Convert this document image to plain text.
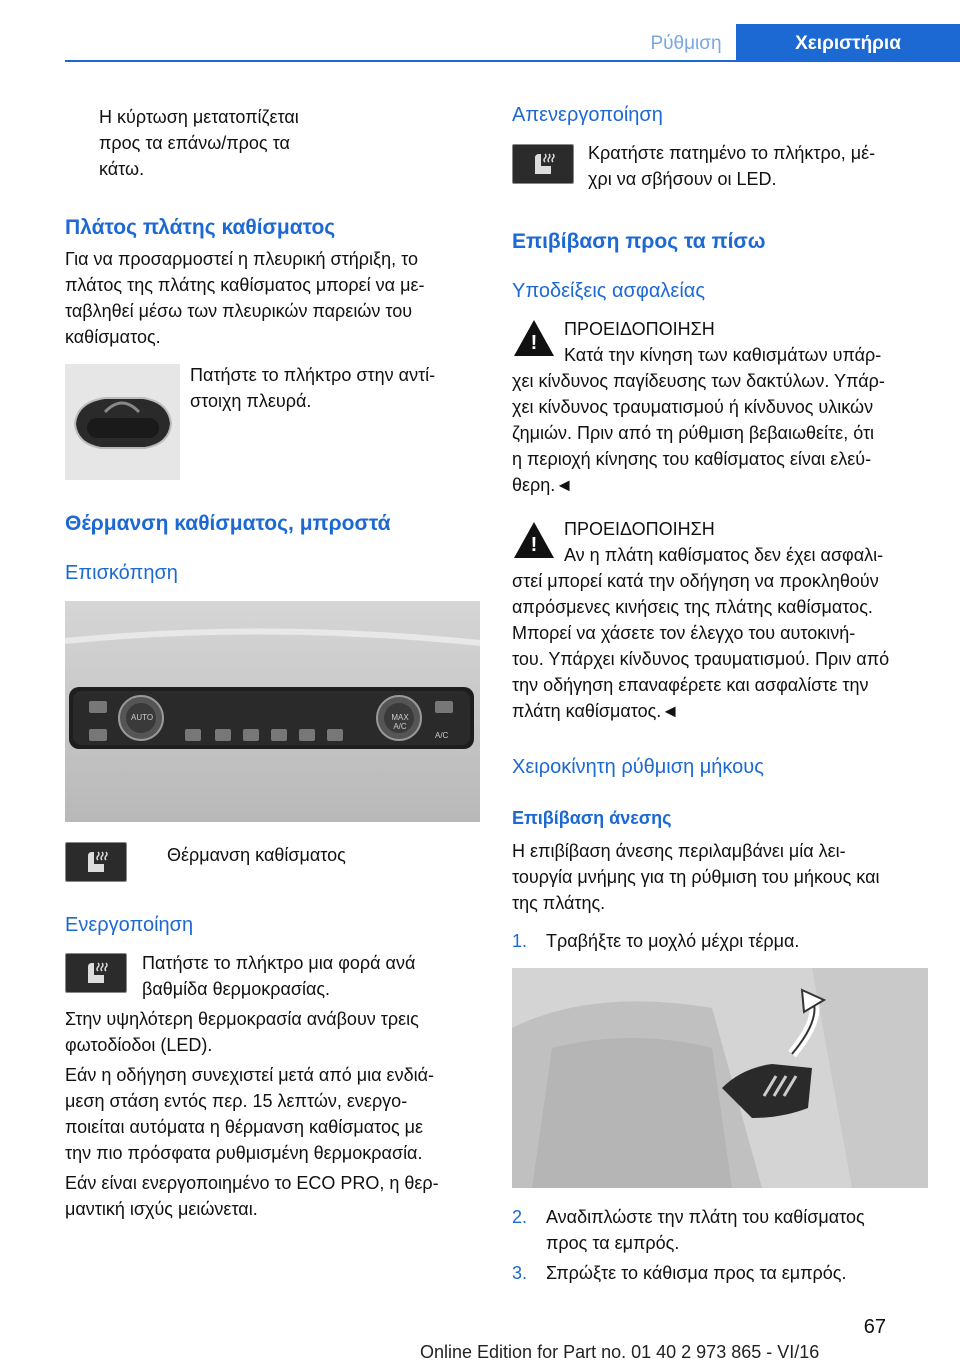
Ρύθμιση	Χειριστήρια

Η κύρτωση μετατοπίζεται
προς τα επάνω/προς τα
κάτω.

Πλάτος πλάτης καθίσματος

Για να προσαρμοστεί η πλευρική στήριξη, το
πλάτος της πλάτης καθίσματος μπορεί να με-
ταβληθεί μέσω των πλευρικών παρειών του
καθίσματος.

Πατήστε το πλήκτρο στην αντί-
στοιχη πλευρά.

Θέρμανση καθίσματος, μπροστά
Επισκόπηση
AUTO	MAX A/C
A/C

Θέρμανση καθίσματος

Ενεργοποίηση

Πατήστε το πλήκτρο μια φορά ανά
βαθμίδα θερμοκρασίας.

Στην υψηλότερη θερμοκρασία ανάβουν τρεις
φωτοδίοδοι (LED).

Εάν η οδήγηση συνεχιστεί μετά από μια ενδιά-
μεση στάση εντός περ. 15 λεπτών, ενεργο-
ποιείται αυτόματα η θέρμανση καθίσματος με
την πιο πρόσφατα ρυθμισμένη θερμοκρασία.

Εάν είναι ενεργοποιημένο το ECO PRO, η θερ-
μαντική ισχύς μειώνεται.

Απενεργοποίηση

Κρατήστε πατημένο το πλήκτρο, μέ-
χρι να σβήσουν οι LED.

Επιβίβαση προς τα πίσω
Υποδείξεις ασφαλείας
!

ΠΡΟΕΙΔΟΠΟΙΗΣΗ

Κατά την κίνηση των καθισμάτων υπάρ-
χει κίνδυνος παγίδευσης των δακτύλων. Υπάρ-
χει κίνδυνος τραυματισμού ή κίνδυνος υλικών
ζημιών. Πριν από τη ρύθμιση βεβαιωθείτε, ότι
η περιοχή κίνησης του καθίσματος είναι ελεύ-
θερη.◄

!

ΠΡΟΕΙΔΟΠΟΙΗΣΗ

Αν η πλάτη καθίσματος δεν έχει ασφαλι-
στεί μπορεί κατά την οδήγηση να προκληθούν
απρόσμενες κινήσεις της πλάτης καθίσματος.
Μπορεί να χάσετε τον έλεγχο του αυτοκινή-
του. Υπάρχει κίνδυνος τραυματισμού. Πριν από
την οδήγηση επαναφέρετε και ασφαλίστε την
πλάτη καθίσματος.◄

Χειροκίνητη ρύθμιση μήκους
Επιβίβαση άνεσης

Η επιβίβαση άνεσης περιλαμβάνει μία λει-
τουργία μνήμης για τη ρύθμιση του μήκους και
της πλάτης.

1. Τραβήξτε το μοχλό μέχρι τέρμα.
2. Αναδιπλώστε την πλάτη του καθίσματος
προς τα εμπρός.

3. Σπρώξτε το κάθισμα προς τα εμπρός.
67
Online Edition for Part no. 01 40 2 973 865 - VI/16
